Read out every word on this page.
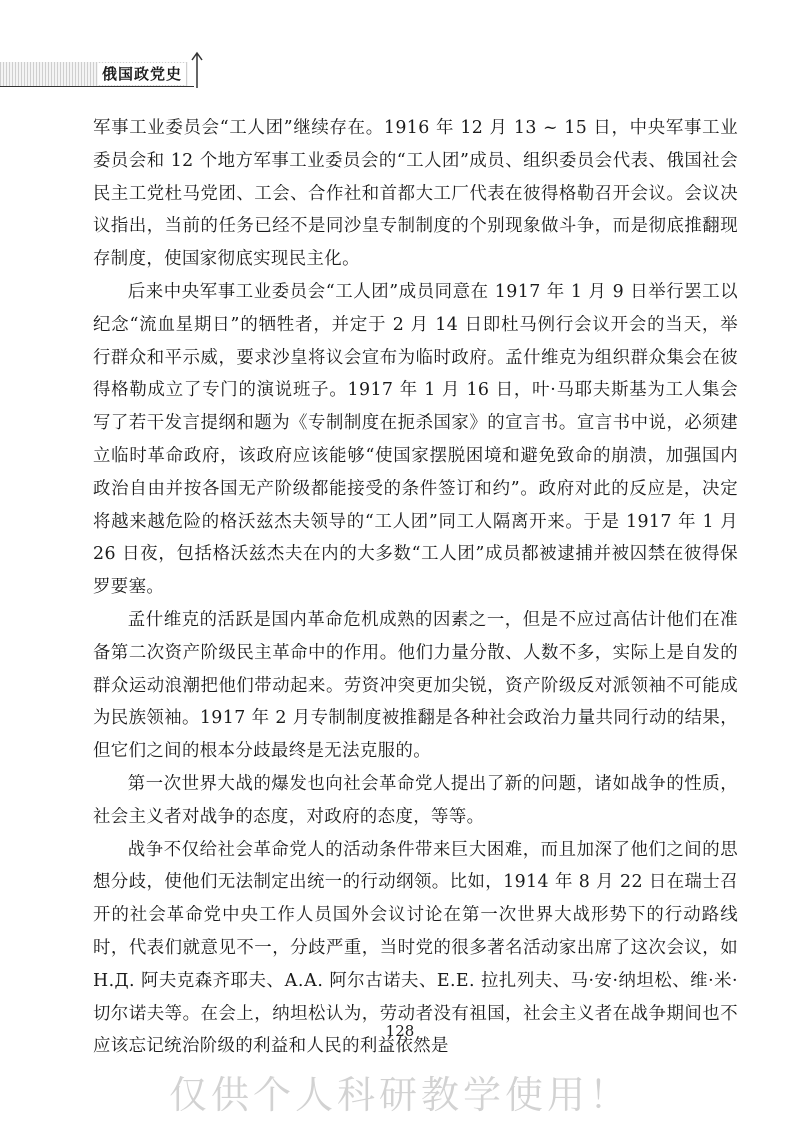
俄国政党史

军事工业委员会“工人团”继续存在。1916 年 12 月 13 ~ 15 日，中央军事工业委员会和 12 个地方军事工业委员会的“工人团”成员、组织委员会代表、俄国社会民主工党杜马党团、工会、合作社和首都大工厂代表在彼得格勒召开会议。会议决议指出，当前的任务已经不是同沙皇专制制度的个别现象做斗争，而是彻底推翻现存制度，使国家彻底实现民主化。

后来中央军事工业委员会“工人团”成员同意在 1917 年 1 月 9 日举行罢工以纪念“流血星期日”的牺牲者，并定于 2 月 14 日即杜马例行会议开会的当天，举行群众和平示威，要求沙皇将议会宣布为临时政府。孟什维克为组织群众集会在彼得格勒成立了专门的演说班子。1917 年 1 月 16 日，叶·马耶夫斯基为工人集会写了若干发言提纲和题为《专制制度在扼杀国家》的宣言书。宣言书中说，必须建立临时革命政府，该政府应该能够“使国家摆脱困境和避免致命的崩溃，加强国内政治自由并按各国无产阶级都能接受的条件签订和约”。政府对此的反应是，决定将越来越危险的格沃兹杰夫领导的“工人团”同工人隔离开来。于是 1917 年 1 月 26 日夜，包括格沃兹杰夫在内的大多数“工人团”成员都被逮捕并被囚禁在彼得保罗要塞。

孟什维克的活跃是国内革命危机成熟的因素之一，但是不应过高估计他们在准备第二次资产阶级民主革命中的作用。他们力量分散、人数不多，实际上是自发的群众运动浪潮把他们带动起来。劳资冲突更加尖锐，资产阶级反对派领袖不可能成为民族领袖。1917 年 2 月专制制度被推翻是各种社会政治力量共同行动的结果，但它们之间的根本分歧最终是无法克服的。

第一次世界大战的爆发也向社会革命党人提出了新的问题，诸如战争的性质，社会主义者对战争的态度，对政府的态度，等等。

战争不仅给社会革命党人的活动条件带来巨大困难，而且加深了他们之间的思想分歧，使他们无法制定出统一的行动纲领。比如，1914 年 8 月 22 日在瑞士召开的社会革命党中央工作人员国外会议讨论在第一次世界大战形势下的行动路线时，代表们就意见不一，分歧严重，当时党的很多著名活动家出席了这次会议，如 Н.Д. 阿夫克森齐耶夫、А.А. 阿尔古诺夫、Е.Е. 拉扎列夫、马·安·纳坦松、维·米·切尔诺夫等。在会上，纳坦松认为，劳动者没有祖国，社会主义者在战争期间也不应该忘记统治阶级的利益和人民的利益依然是

128
仅供个人科研教学使用！
